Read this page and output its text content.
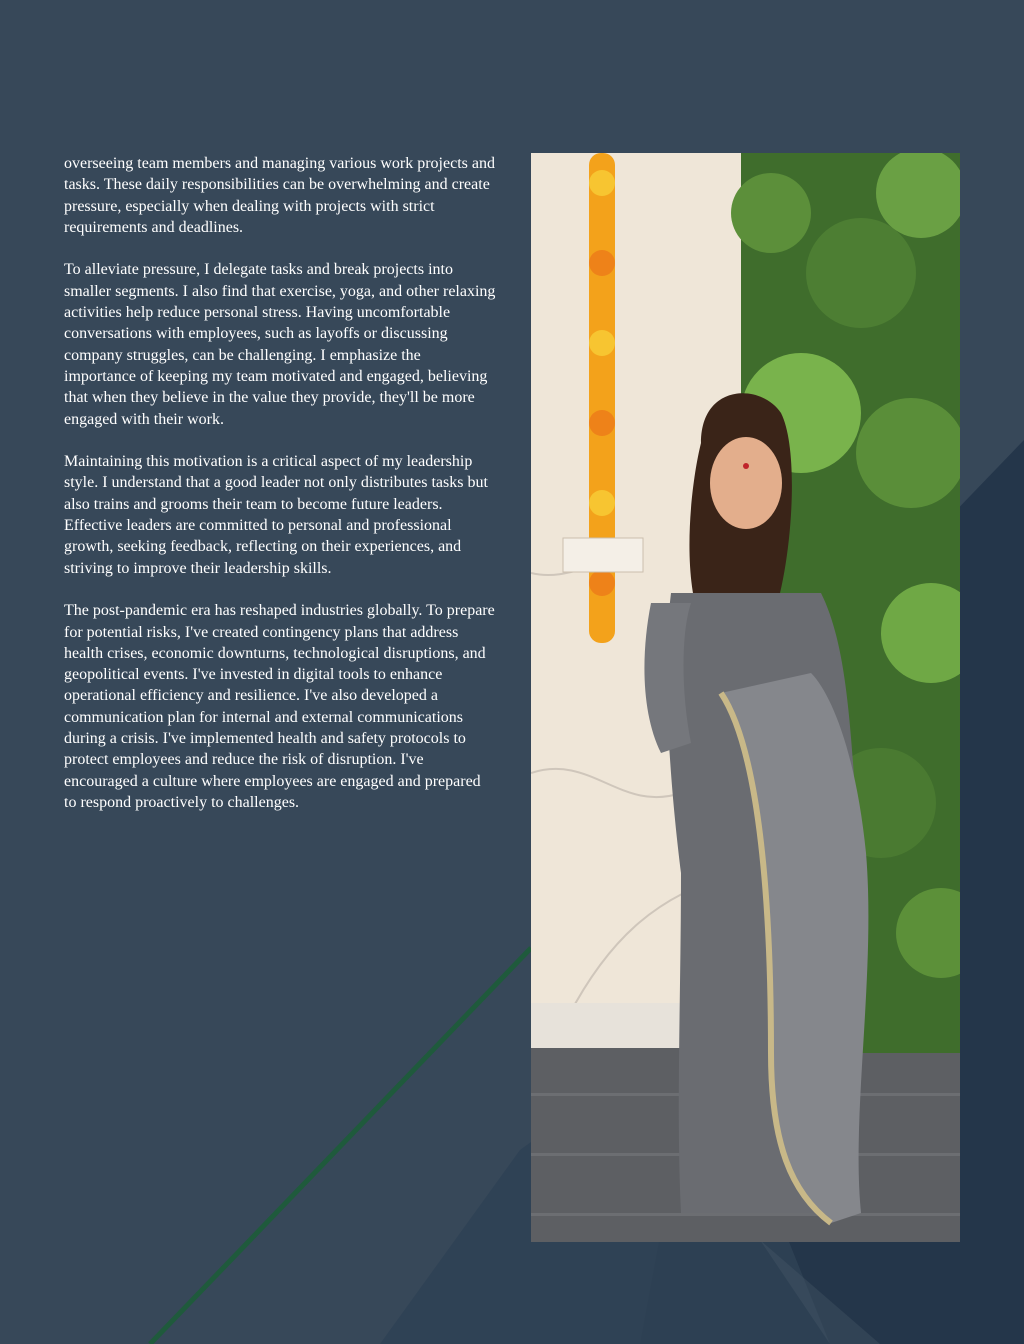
overseeing team members and managing various work projects and tasks. These daily responsibilities can be overwhelming and create pressure, especially when dealing with projects with strict requirements and deadlines.

To alleviate pressure, I delegate tasks and break projects into smaller segments. I also find that exercise, yoga, and other relaxing activities help reduce personal stress. Having uncomfortable conversations with employees, such as layoffs or discussing company struggles, can be challenging. I emphasize the importance of keeping my team motivated and engaged, believing that when they believe in the value they provide, they'll be more engaged with their work.

Maintaining this motivation is a critical aspect of my leadership style. I understand that a good leader not only distributes tasks but also trains and grooms their team to become future leaders. Effective leaders are committed to personal and professional growth, seeking feedback, reflecting on their experiences, and striving to improve their leadership skills.

The post-pandemic era has reshaped industries globally. To prepare for potential risks, I've created contingency plans that address health crises, economic downturns, technological disruptions, and geopolitical events. I've invested in digital tools to enhance operational efficiency and resilience. I've also developed a communication plan for internal and external communications during a crisis. I've implemented health and safety protocols to protect employees and reduce the risk of disruption. I've encouraged a culture where employees are engaged and prepared to respond proactively to challenges.
